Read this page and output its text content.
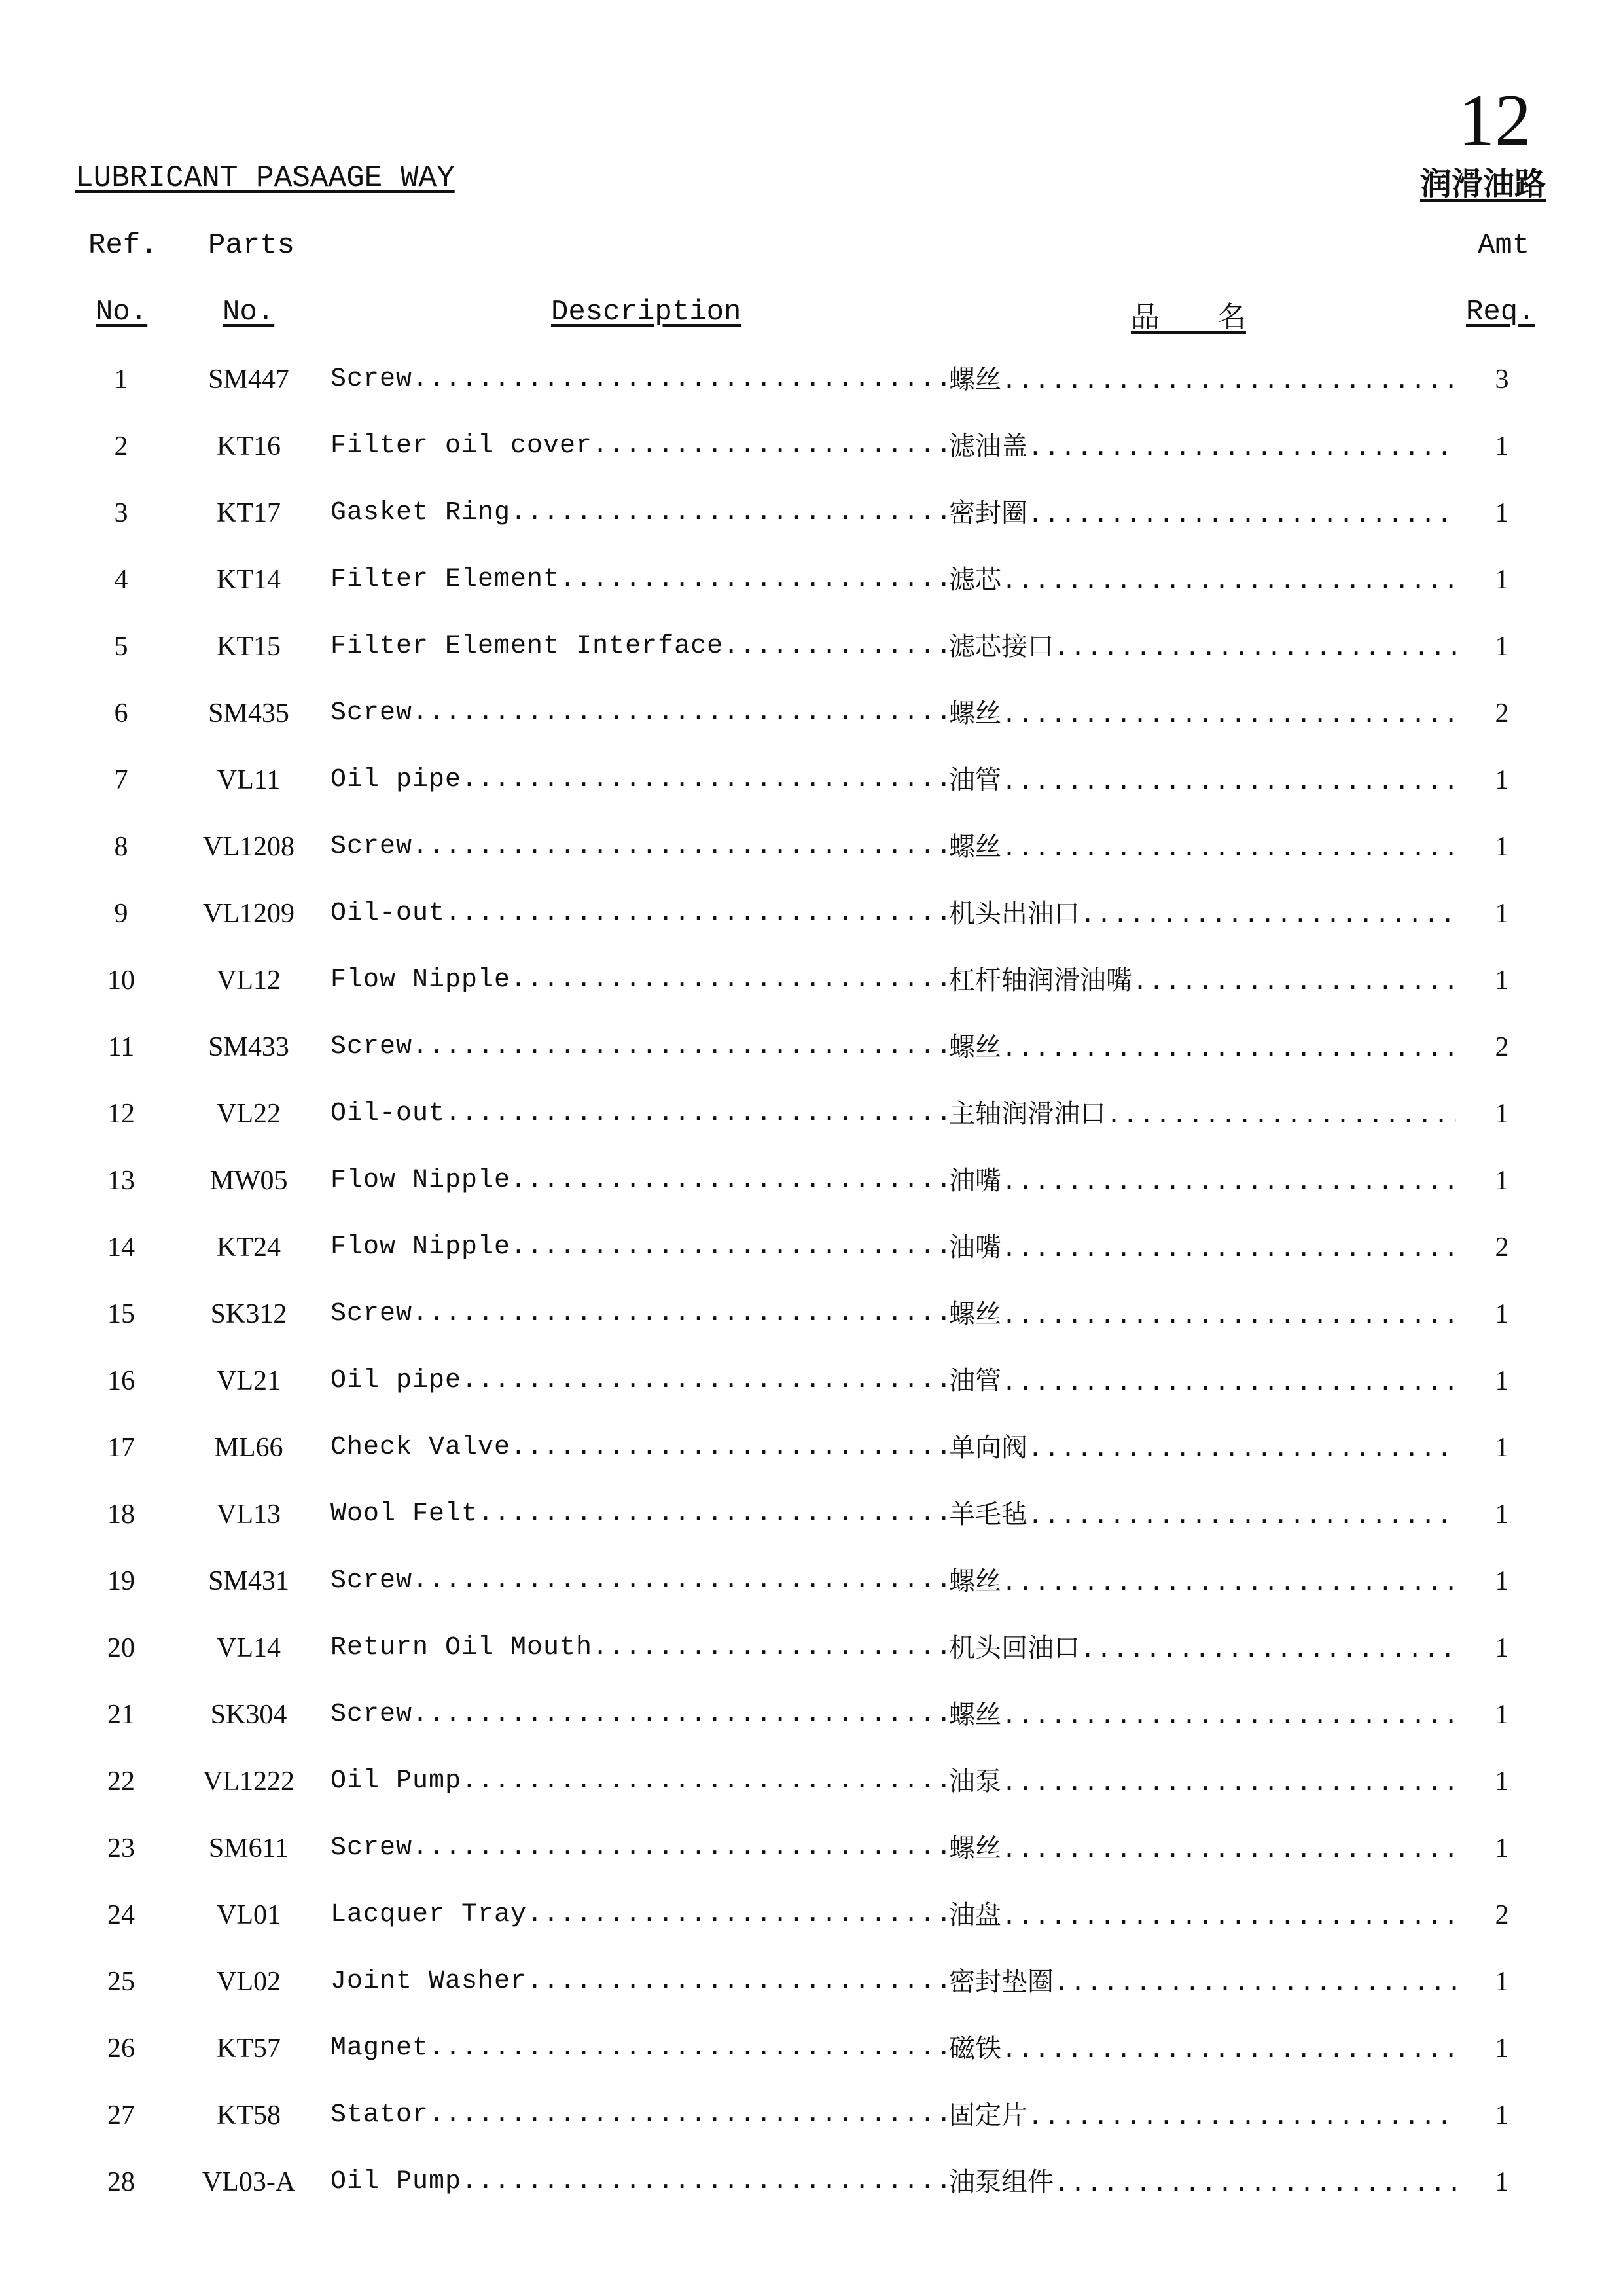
12
LUBRICANT PASAAGE WAY	润滑油路
Ref. Parts	Amt
No.	No.	Description	品　　名	Req.
1	SM447	Screw .....	螺丝 .....	3
2	KT16	Filter oil cover .....	滤油盖 .....	1
3	KT17	Gasket Ring .....	密封圈 .....	1
4	KT14	Filter Element .....	滤芯 .....	1
5	KT15	Filter Element Interface .....	滤芯接口 .....	1
6	SM435	Screw .....	螺丝 .....	2
7	VL11	Oil pipe .....	油管 .....	1
8	VL1208	Screw .....	螺丝 .....	1
9	VL1209	Oil-out .....	机头出油口 .....	1
10	VL12	Flow Nipple .....	杠杆轴润滑油嘴 .....	1
11	SM433	Screw .....	螺丝 .....	2
12	VL22	Oil-out .....	主轴润滑油口 .....	1
13	MW05	Flow Nipple .....	油嘴 .....	1
14	KT24	Flow Nipple .....	油嘴 .....	2
15	SK312	Screw .....	螺丝 .....	1
16	VL21	Oil pipe .....	油管 .....	1
17	ML66	Check Valve .....	单向阀 .....	1
18	VL13	Wool Felt .....	羊毛毡 .....	1
19	SM431	Screw .....	螺丝 .....	1
20	VL14	Return Oil Mouth .....	机头回油口 .....	1
21	SK304	Screw .....	螺丝 .....	1
22	VL1222	Oil Pump .....	油泵 .....	1
23	SM611	Screw .....	螺丝 .....	1
24	VL01	Lacquer Tray .....	油盘 .....	2
25	VL02	Joint Washer .....	密封垫圈 .....	1
26	KT57	Magnet .....	磁铁 .....	1
27	KT58	Stator .....	固定片 .....	1
28	VL03-A	Oil Pump .....	油泵组件 .....	1
